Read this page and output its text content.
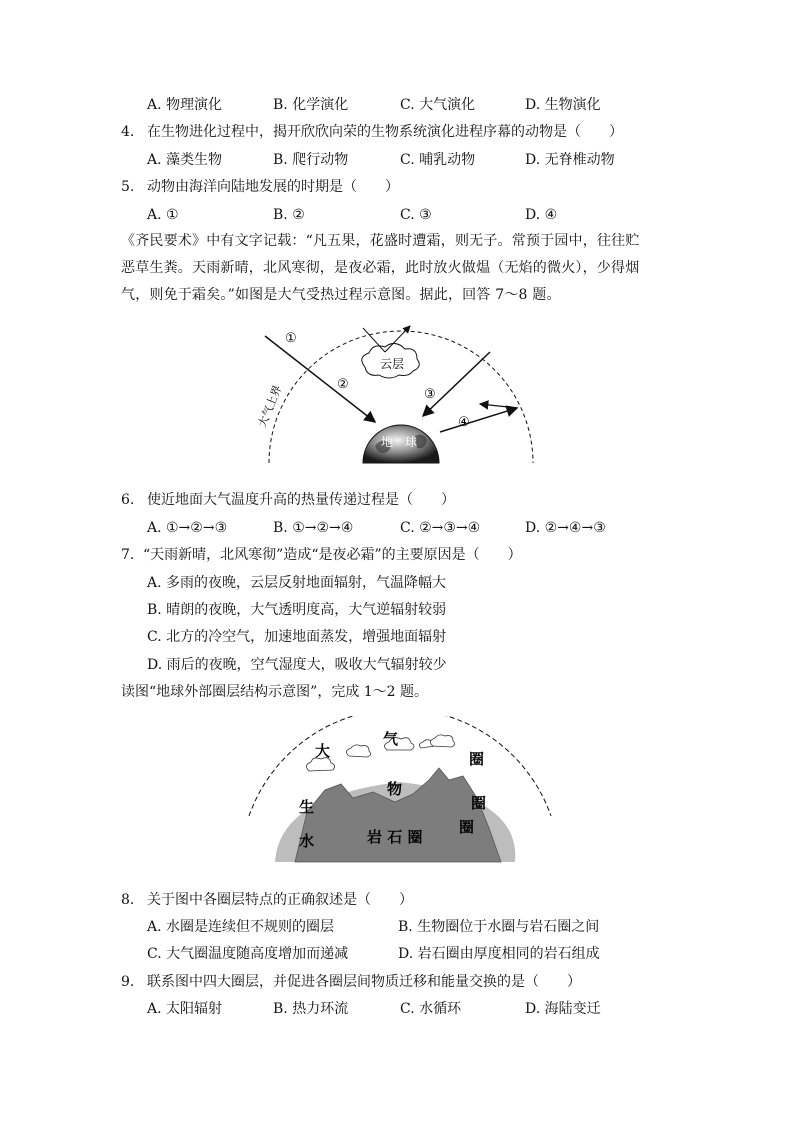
A. 物理演化	B. 化学演化	C. 大气演化	D. 生物演化
4. 在生物进化过程中，揭开欣欣向荣的生物系统演化进程序幕的动物是（　　）
A. 藻类生物	B. 爬行动物	C. 哺乳动物	D. 无脊椎动物
5. 动物由海洋向陆地发展的时期是（　　）
A. ①	B. ②	C. ③	D. ④
《齐民要术》中有文字记载：“凡五果，花盛时遭霜，则无子。常预于园中，往往贮恶草生粪。天雨新晴，北风寒彻，是夜必霜，此时放火做煴（无焰的微火），少得烟气，则免于霜矣。”如图是大气受热过程示意图。据此，回答 7～8 题。
大气上界
云层
①
②
③
④
地　球
6. 使近地面大气温度升高的热量传递过程是（　　）
A. ①→②→③	B. ①→②→④	C. ②→③→④	D. ②→④→③
7. “天雨新晴，北风寒彻”造成“是夜必霜”的主要原因是（　　）
A. 多雨的夜晚，云层反射地面辐射，气温降幅大
B. 晴朗的夜晚，大气透明度高，大气逆辐射较弱
C. 北方的冷空气，加速地面蒸发，增强地面辐射
D. 雨后的夜晚，空气湿度大，吸收大气辐射较少
读图“地球外部圈层结构示意图”，完成 1～2 题。
大
气
圈
生
物
圈
水
圈
岩 石 圈
8. 关于图中各圈层特点的正确叙述是（　　）
A. 水圈是连续但不规则的圈层	B. 生物圈位于水圈与岩石圈之间
C. 大气圈温度随高度增加而递减	D. 岩石圈由厚度相同的岩石组成
9. 联系图中四大圈层，并促进各圈层间物质迁移和能量交换的是（　　）
A. 太阳辐射	B. 热力环流	C. 水循环	D. 海陆变迁
